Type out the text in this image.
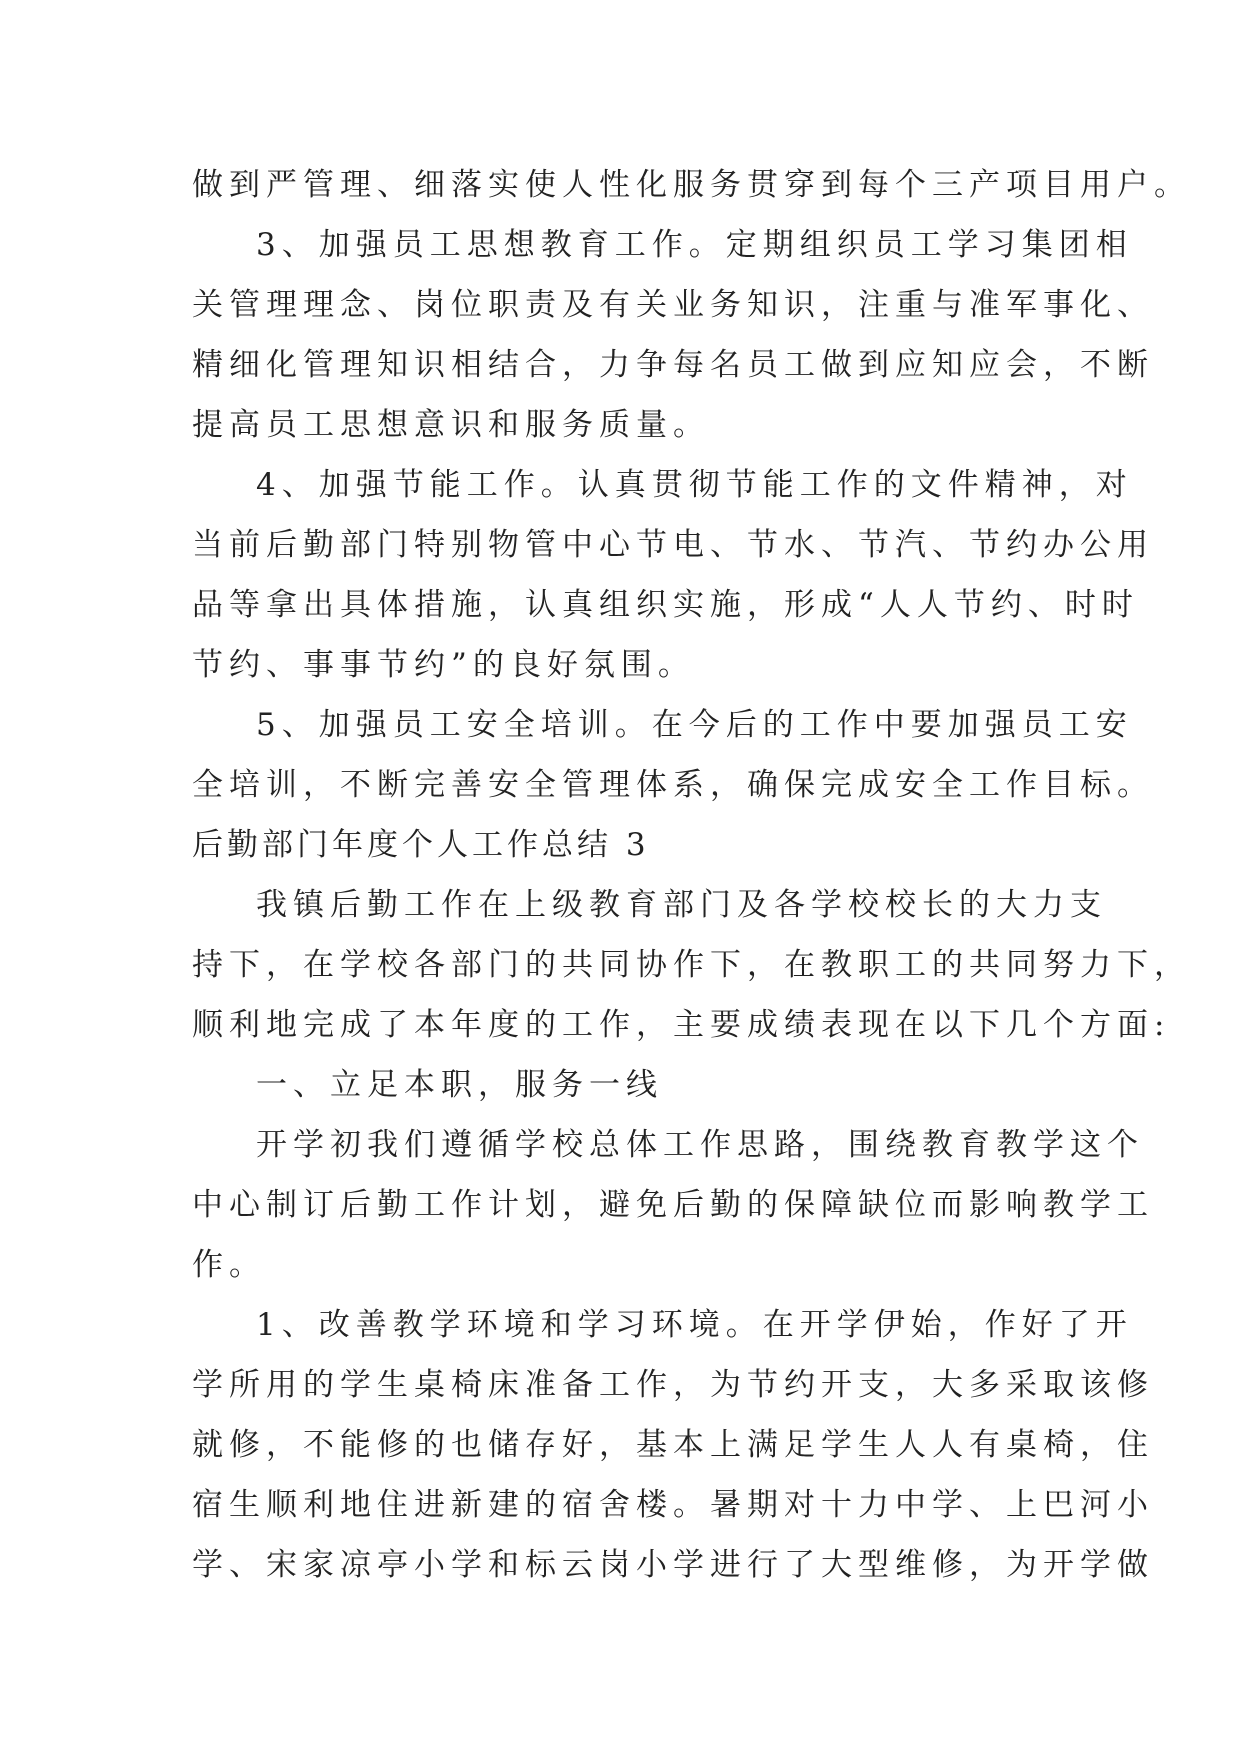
做到严管理、细落实使人性化服务贯穿到每个三产项目用户。
3、加强员工思想教育工作。定期组织员工学习集团相
关管理理念、岗位职责及有关业务知识，注重与准军事化、
精细化管理知识相结合，力争每名员工做到应知应会，不断
提高员工思想意识和服务质量。
4、加强节能工作。认真贯彻节能工作的文件精神，对
当前后勤部门特别物管中心节电、节水、节汽、节约办公用
品等拿出具体措施，认真组织实施，形成“人人节约、时时
节约、事事节约”的良好氛围。
5、加强员工安全培训。在今后的工作中要加强员工安
全培训，不断完善安全管理体系，确保完成安全工作目标。
后勤部门年度个人工作总结 3
我镇后勤工作在上级教育部门及各学校校长的大力支
持下，在学校各部门的共同协作下，在教职工的共同努力下，
顺利地完成了本年度的工作，主要成绩表现在以下几个方面:
一、立足本职，服务一线
开学初我们遵循学校总体工作思路，围绕教育教学这个
中心制订后勤工作计划，避免后勤的保障缺位而影响教学工
作。
1、改善教学环境和学习环境。在开学伊始，作好了开
学所用的学生桌椅床准备工作，为节约开支，大多采取该修
就修，不能修的也储存好，基本上满足学生人人有桌椅，住
宿生顺利地住进新建的宿舍楼。暑期对十力中学、上巴河小
学、宋家凉亭小学和标云岗小学进行了大型维修，为开学做
